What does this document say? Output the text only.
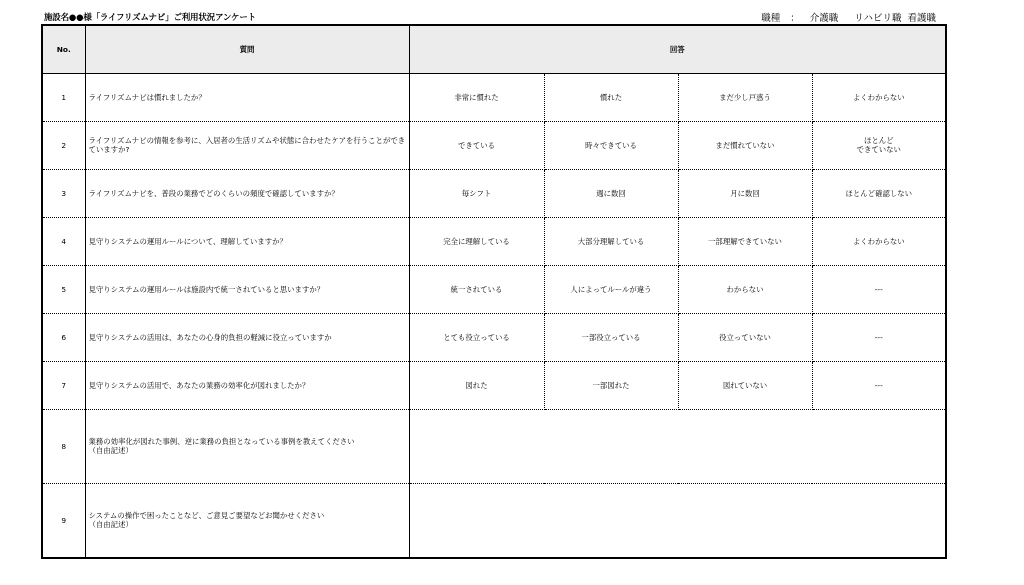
施設名●●様「ライフリズムナビ」ご利用状況アンケート	職種 ： 介護職 リハビリ職 看護職
No.	質問	回答			
1	ライフリズムナビは慣れましたか？	非常に慣れた	慣れた	まだ少し戸惑う	よくわからない
2	ライフリズムナビの情報を参考に、入居者の生活リズムや状態に合わせたケアを行うことができていますか?	できている	時々できている	まだ慣れていない	ほとんど
できていない
3	ライフリズムナビを、普段の業務でどのくらいの頻度で確認していますか？	毎シフト	週に数回	月に数回	ほとんど確認しない
4	見守りシステムの運用ルールについて、理解していますか？	完全に理解している	大部分理解している	一部理解できていない	よくわからない
5	見守りシステムの運用ルールは施設内で統一されていると思いますか？	統一されている	人によってルールが違う	わからない	---
6	見守りシステムの活用は、あなたの心身的負担の軽減に役立っていますか	とても役立っている	一部役立っている	役立っていない	---
7	見守りシステムの活用で、あなたの業務の効率化が図れましたか？	図れた	一部図れた	図れていない	---
8	業務の効率化が図れた事例、逆に業務の負担となっている事例を教えてください
（自由記述）				
9	システムの操作で困ったことなど、ご意見ご要望などお聞かせください
（自由記述）				
